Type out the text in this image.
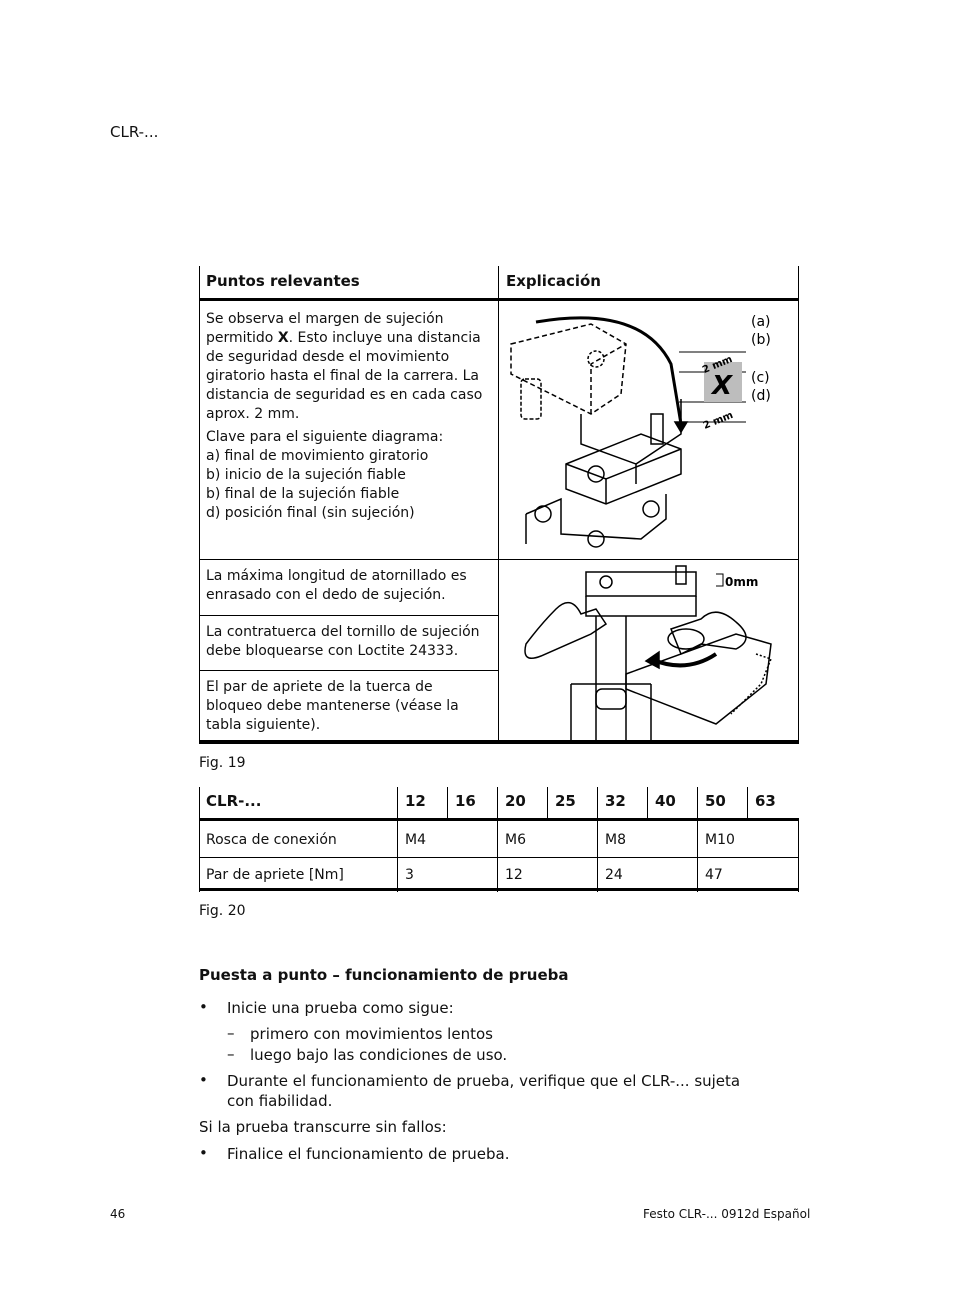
CLR-...
Puntos relevantes	Explicación
Se observa el margen de sujeción permitido X. Esto incluye una distancia de seguridad desde el movimiento giratorio hasta el final de la carrera. La distancia de seguridad es en cada caso aprox. 2 mm.
Clave para el siguiente diagrama:
a) final de movimiento giratorio
b) inicio de la sujeción fiable
b) final de la sujeción fiable
d) posición final (sin sujeción)
X
2 mm
2 mm
(a)
(b)
(c)
(d)
La máxima longitud de atornillado es enrasado con el dedo de sujeción.
La contratuerca del tornillo de sujeción debe bloquearse con Loctite 24333.
El par de apriete de la tuerca de bloqueo debe mantenerse (véase la tabla siguiente).
0mm
Fig. 19
CLR-...	12 16 20 25 32 40 50 63
Rosca de conexión	M4	M6	M8	M10
Par de apriete [Nm]	3	12	24	47
Fig. 20
Puesta a punto – funcionamiento de prueba
• Inicie una prueba como sigue:
– primero con movimientos lentos
– luego bajo las condiciones de uso.
• Durante el funcionamiento de prueba, verifique que el CLR-... sujeta con fiabilidad.
Si la prueba transcurre sin fallos:
• Finalice el funcionamiento de prueba.
46	Festo CLR-... 0912d Español
